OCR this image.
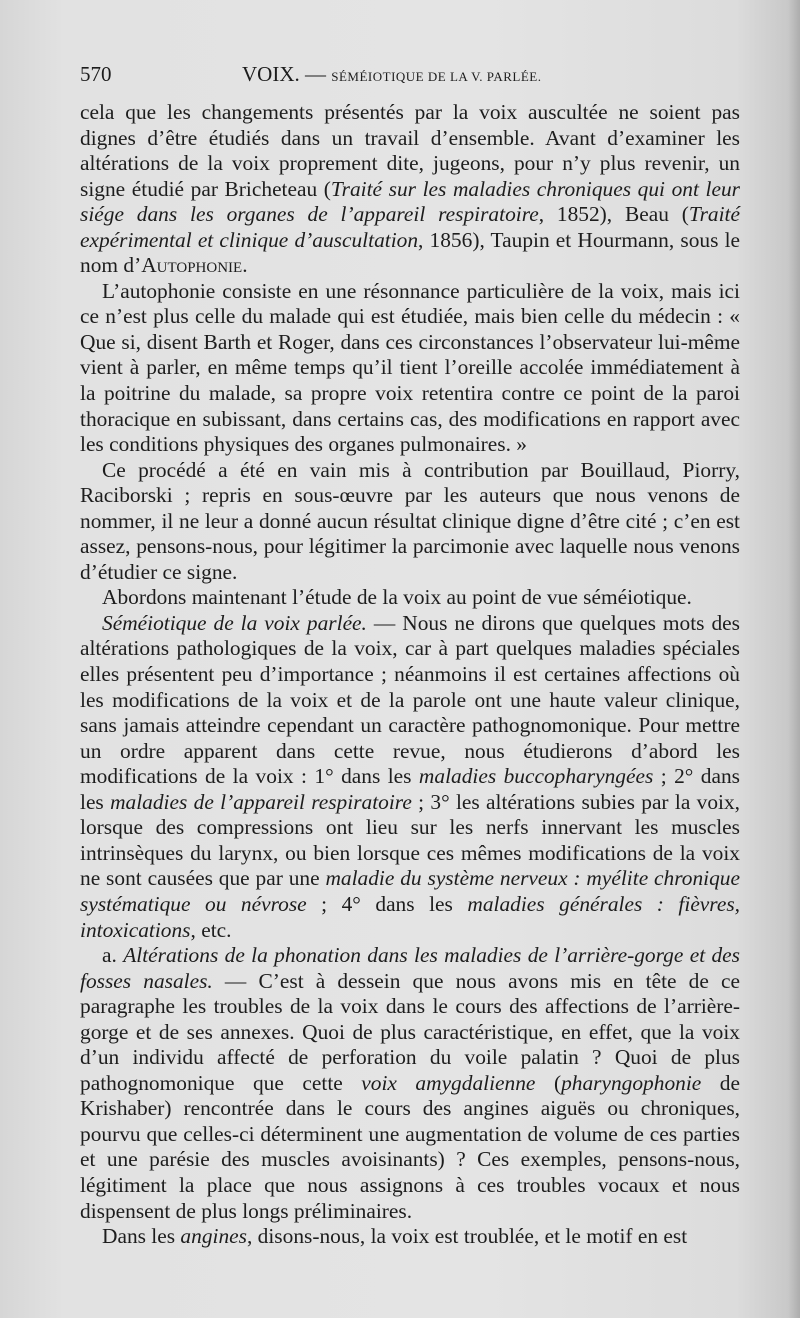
570	VOIX. — SÉMÉIOTIQUE DE LA V. PARLÉE.

cela que les changements présentés par la voix auscultée ne soient pas dignes d’être étudiés dans un travail d’ensemble. Avant d’examiner les altérations de la voix proprement dite, jugeons, pour n’y plus revenir, un signe étudié par Bricheteau (Traité sur les maladies chroniques qui ont leur siége dans les organes de l’appareil respiratoire, 1852), Beau (Traité expérimental et clinique d’auscultation, 1856), Taupin et Hourmann, sous le nom d’Autophonie.

L’autophonie consiste en une résonnance particulière de la voix, mais ici ce n’est plus celle du malade qui est étudiée, mais bien celle du médecin : « Que si, disent Barth et Roger, dans ces circonstances l’observateur lui-même vient à parler, en même temps qu’il tient l’oreille accolée immédiatement à la poitrine du malade, sa propre voix retentira contre ce point de la paroi thoracique en subissant, dans certains cas, des modifications en rapport avec les conditions physiques des organes pulmonaires. »

Ce procédé a été en vain mis à contribution par Bouillaud, Piorry, Raciborski ; repris en sous-œuvre par les auteurs que nous venons de nommer, il ne leur a donné aucun résultat clinique digne d’être cité ; c’en est assez, pensons-nous, pour légitimer la parcimonie avec laquelle nous venons d’étudier ce signe.

Abordons maintenant l’étude de la voix au point de vue séméiotique.

Séméiotique de la voix parlée. — Nous ne dirons que quelques mots des altérations pathologiques de la voix, car à part quelques maladies spéciales elles présentent peu d’importance ; néanmoins il est certaines affections où les modifications de la voix et de la parole ont une haute valeur clinique, sans jamais atteindre cependant un caractère pathognomonique. Pour mettre un ordre apparent dans cette revue, nous étudierons d’abord les modifications de la voix : 1° dans les maladies buccopharyngées ; 2° dans les maladies de l’appareil respiratoire ; 3° les altérations subies par la voix, lorsque des compressions ont lieu sur les nerfs innervant les muscles intrinsèques du larynx, ou bien lorsque ces mêmes modifications de la voix ne sont causées que par une maladie du système nerveux : myélite chronique systématique ou névrose ; 4° dans les maladies générales : fièvres, intoxications, etc.

a. Altérations de la phonation dans les maladies de l’arrière-gorge et des fosses nasales. — C’est à dessein que nous avons mis en tête de ce paragraphe les troubles de la voix dans le cours des affections de l’arrière-gorge et de ses annexes. Quoi de plus caractéristique, en effet, que la voix d’un individu affecté de perforation du voile palatin ? Quoi de plus pathognomonique que cette voix amygdalienne (pharyngophonie de Krishaber) rencontrée dans le cours des angines aiguës ou chroniques, pourvu que celles-ci déterminent une augmentation de volume de ces parties et une parésie des muscles avoisinants) ? Ces exemples, pensons-nous, légitiment la place que nous assignons à ces troubles vocaux et nous dispensent de plus longs préliminaires.

Dans les angines, disons-nous, la voix est troublée, et le motif en est
